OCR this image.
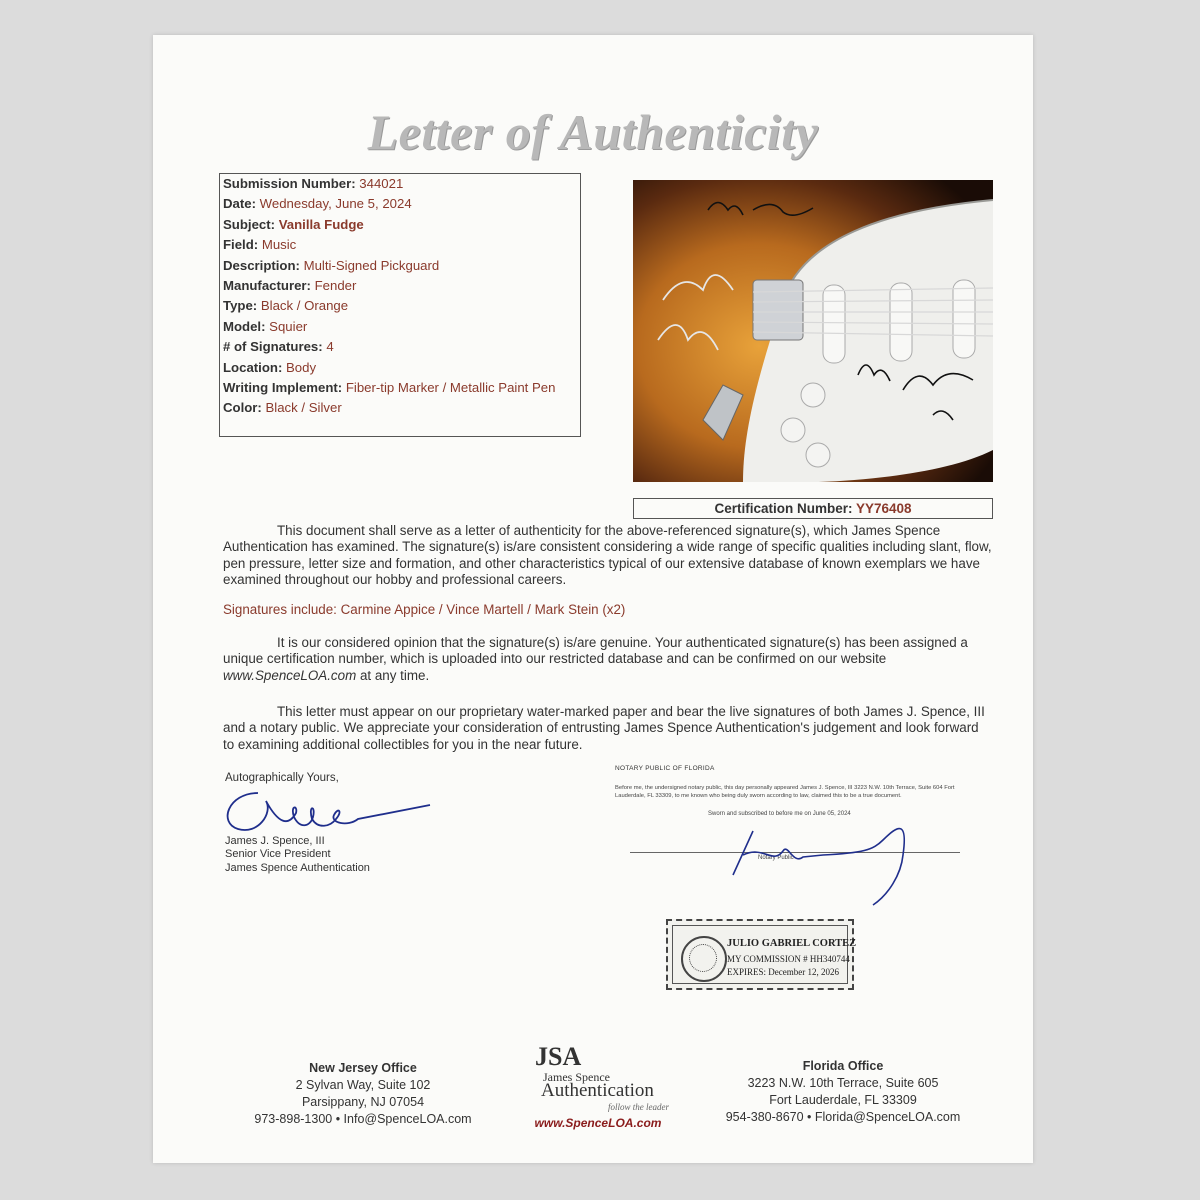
Letter of Authenticity
Submission Number: 344021
Date: Wednesday, June 5, 2024
Subject: Vanilla Fudge
Field: Music
Description: Multi-Signed Pickguard
Manufacturer: Fender
Type: Black / Orange
Model: Squier
# of Signatures: 4
Location: Body
Writing Implement: Fiber-tip Marker / Metallic Paint Pen
Color: Black / Silver
Certification Number: YY76408
This document shall serve as a letter of authenticity for the above-referenced signature(s), which James Spence Authentication has examined. The signature(s) is/are consistent considering a wide range of specific qualities including slant, flow, pen pressure, letter size and formation, and other characteristics typical of our extensive database of known exemplars we have examined throughout our hobby and professional careers.
Signatures include: Carmine Appice / Vince Martell / Mark Stein (x2)
It is our considered opinion that the signature(s) is/are genuine. Your authenticated signature(s) has been assigned a unique certification number, which is uploaded into our restricted database and can be confirmed on our website www.SpenceLOA.com at any time.
This letter must appear on our proprietary water-marked paper and bear the live signatures of both James J. Spence, III and a notary public. We appreciate your consideration of entrusting James Spence Authentication's judgement and look forward to examining additional collectibles for you in the near future.
Autographically Yours,
James J. Spence, III
Senior Vice President
James Spence Authentication
NOTARY PUBLIC OF FLORIDA
Before me, the undersigned notary public, this day personally appeared James J. Spence, III 3223 N.W. 10th Terrace, Suite 604 Fort Lauderdale, FL 33309, to me known who being duly sworn according to law, claimed this to be a true document.
Sworn and subscribed to before me on June 05, 2024
Notary Public
JULIO GABRIEL CORTEZ
MY COMMISSION # HH340744
EXPIRES: December 12, 2026
New Jersey Office
2 Sylvan Way, Suite 102
Parsippany, NJ 07054
973-898-1300 • Info@SpenceLOA.com
JSA
James Spence
Authentication
follow the leader
www.SpenceLOA.com
Florida Office
3223 N.W. 10th Terrace, Suite 605
Fort Lauderdale, FL 33309
954-380-8670 • Florida@SpenceLOA.com
